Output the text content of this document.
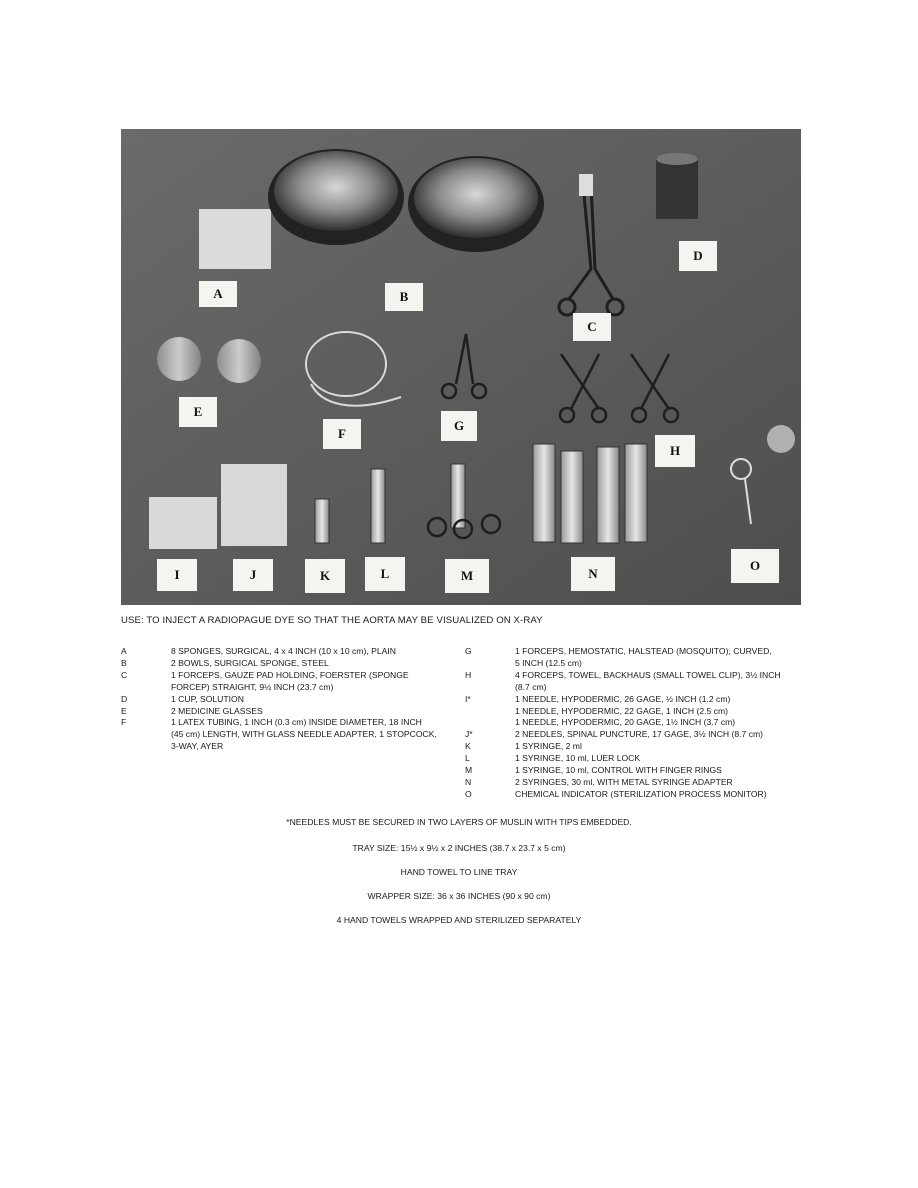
A	B
C
D
E
F
G
H
I	J	K	L	M	N
O
USE: TO INJECT A RADIOPAGUE DYE SO THAT THE AORTA MAY BE VISUALIZED ON X-RAY
A	8 SPONGES, SURGICAL, 4 x 4 INCH (10 x 10 cm), PLAIN
B	2 BOWLS, SURGICAL SPONGE, STEEL
C	1 FORCEPS, GAUZE PAD HOLDING, FOERSTER (SPONGE
FORCEP) STRAIGHT, 9½ INCH (23.7 cm)
D	1 CUP, SOLUTION
E	2 MEDICINE GLASSES
F	1 LATEX TUBING, 1 INCH (0.3 cm) INSIDE DIAMETER, 18 INCH
(45 cm) LENGTH, WITH GLASS NEEDLE ADAPTER, 1 STOPCOCK,
3-WAY, AYER
G	1 FORCEPS, HEMOSTATIC, HALSTEAD (MOSQUITO), CURVED,
5 INCH (12.5 cm)
H	4 FORCEPS, TOWEL, BACKHAUS (SMALL TOWEL CLIP), 3½ INCH
(8.7 cm)
I*	1 NEEDLE, HYPODERMIC, 26 GAGE, ½ INCH (1.2 cm)
1 NEEDLE, HYPODERMIC, 22 GAGE, 1 INCH (2.5 cm)
1 NEEDLE, HYPODERMIC, 20 GAGE, 1½ INCH (3.7 cm)
J*	2 NEEDLES, SPINAL PUNCTURE, 17 GAGE, 3½ INCH (8.7 cm)
K	1 SYRINGE, 2 ml
L	1 SYRINGE, 10 ml, LUER LOCK
M	1 SYRINGE, 10 ml, CONTROL WITH FINGER RINGS
N	2 SYRINGES, 30 ml, WITH METAL SYRINGE ADAPTER
O	CHEMICAL INDICATOR (STERILIZATION PROCESS MONITOR)
*NEEDLES MUST BE SECURED IN TWO LAYERS OF MUSLIN WITH TIPS EMBEDDED.
TRAY SIZE: 15½ x 9½ x 2 INCHES (38.7 x 23.7 x 5 cm)
HAND TOWEL TO LINE TRAY
WRAPPER SIZE: 36 x 36 INCHES (90 x 90 cm)
4 HAND TOWELS WRAPPED AND STERILIZED SEPARATELY
